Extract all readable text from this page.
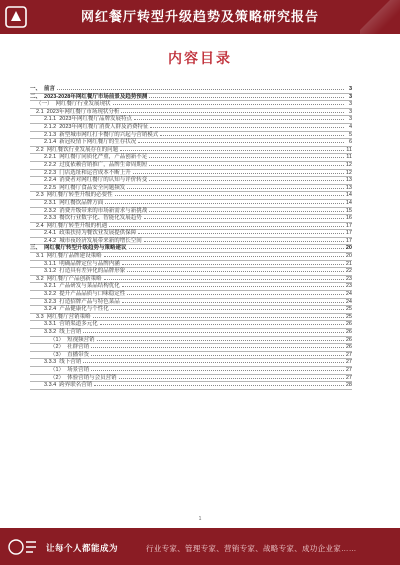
网红餐厅转型升级趋势及策略研究报告
内容目录
一、 前言	3
二、 2023-2028年网红餐厅市场前景及趋势预测	3
（一） 网红餐厅行业发展现状	3
2.1 2023年网红餐厅市场现状分析	3
2.1.1 2023年网红餐厅品牌发展特点	3
2.1.2 2023年网红餐厅消费人群及消费特征	4
2.1.3 新型城市网红打卡餐厅的兴起与营销模式	5
2.1.4 新冠疫情下网红餐厅的生存状况	6
2.2 网红餐饮行业发展存在的问题	11
2.2.1 网红餐厅同质化严重，产品创新不足	11
2.2.2 过度依赖营销推广，品牌生命周期短	12
2.2.3 门店选址和运营成本不断上升	12
2.2.4 消费者对网红餐厅的认知与评价转变	13
2.2.5 网红餐厅食品安全问题频发	13
2.3 网红餐厅转型升级的必要性	14
2.3.1 网红餐饮品牌方面	14
2.3.2 消费升级带来的市场新需求与新挑战	15
2.3.3 餐饮行业数字化、智能化发展趋势	16
2.4 网红餐厅转型升级的机遇	17
2.4.1 政策扶持为餐饮业发展提供保障	17
2.4.2 城市夜经济发展带来新的增长空间	17
三、 网红餐厅转型升级趋势与策略建议	20
3.1 网红餐厅品牌建设策略	20
3.1.1 明确品牌定位与品牌内涵	21
3.1.2 打造具有差异化的品牌形象	22
3.2 网红餐厅产品创新策略	23
3.2.1 产品研发与菜品结构优化	23
3.2.2 提升产品品质与口味稳定性	24
3.2.3 打造招牌产品与特色菜品	24
3.2.4 产品健康化与个性化	25
3.3 网红餐厅营销策略	25
3.3.1 营销渠道多元化	26
3.3.2 线上营销	26
（1） 短视频营销	26
（2） 社群营销	26
（3） 直播带货	27
3.3.3 线下营销	27
（1） 场景营销	27
（2） 体验营销与会员营销	27
3.3.4 跨界联名营销	28
1
让每个人都能成为	行业专家、管理专家、营销专家、战略专家、成功企业家……
